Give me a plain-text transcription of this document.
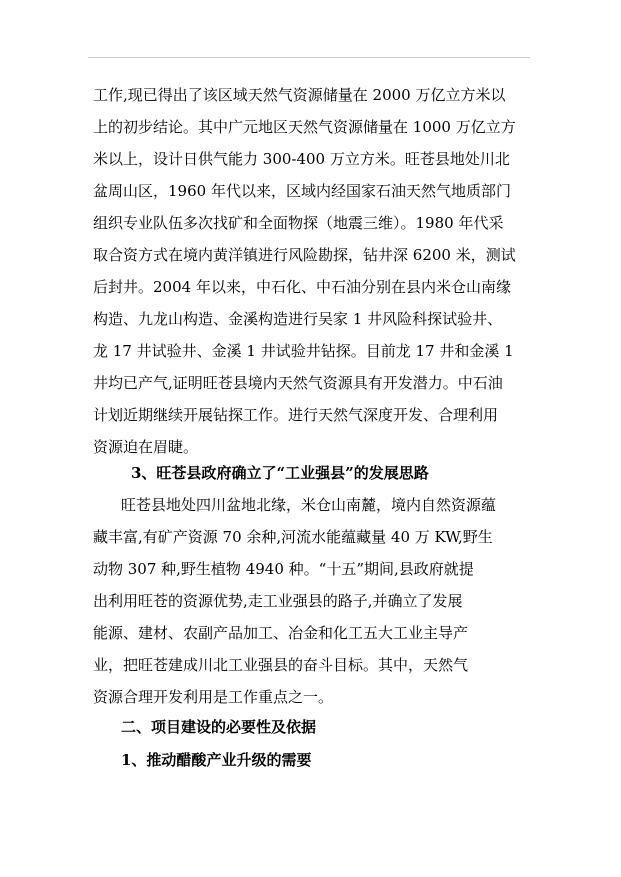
工作,现已得出了该区域天然气资源储量在 2000 万亿立方米以
上的初步结论。其中广元地区天然气资源储量在 1000 万亿立方
米以上，设计日供气能力 300-400 万立方米。旺苍县地处川北
盆周山区，1960 年代以来，区域内经国家石油天然气地质部门
组织专业队伍多次找矿和全面物探（地震三维）。1980 年代采
取合资方式在境内黄洋镇进行风险勘探，钻井深 6200 米，测试
后封井。2004 年以来，中石化、中石油分别在县内米仓山南缘
构造、九龙山构造、金溪构造进行吴家 1 井风险科探试验井、
龙 17 井试验井、金溪 1 井试验井钻探。目前龙 17 井和金溪 1
井均已产气,证明旺苍县境内天然气资源具有开发潜力。中石油
计划近期继续开展钻探工作。进行天然气深度开发、合理利用
资源迫在眉睫。
3、旺苍县政府确立了“工业强县”的发展思路
旺苍县地处四川盆地北缘，米仓山南麓，境内自然资源蕴
藏丰富,有矿产资源 70 余种,河流水能蕴藏量 40 万 KW,野生
动物 307 种,野生植物 4940 种。“十五”期间,县政府就提
出利用旺苍的资源优势,走工业强县的路子,并确立了发展
能源、建材、农副产品加工、冶金和化工五大工业主导产
业，把旺苍建成川北工业强县的奋斗目标。其中，天然气
资源合理开发利用是工作重点之一。
二、项目建设的必要性及依据
1、推动醋酸产业升级的需要
